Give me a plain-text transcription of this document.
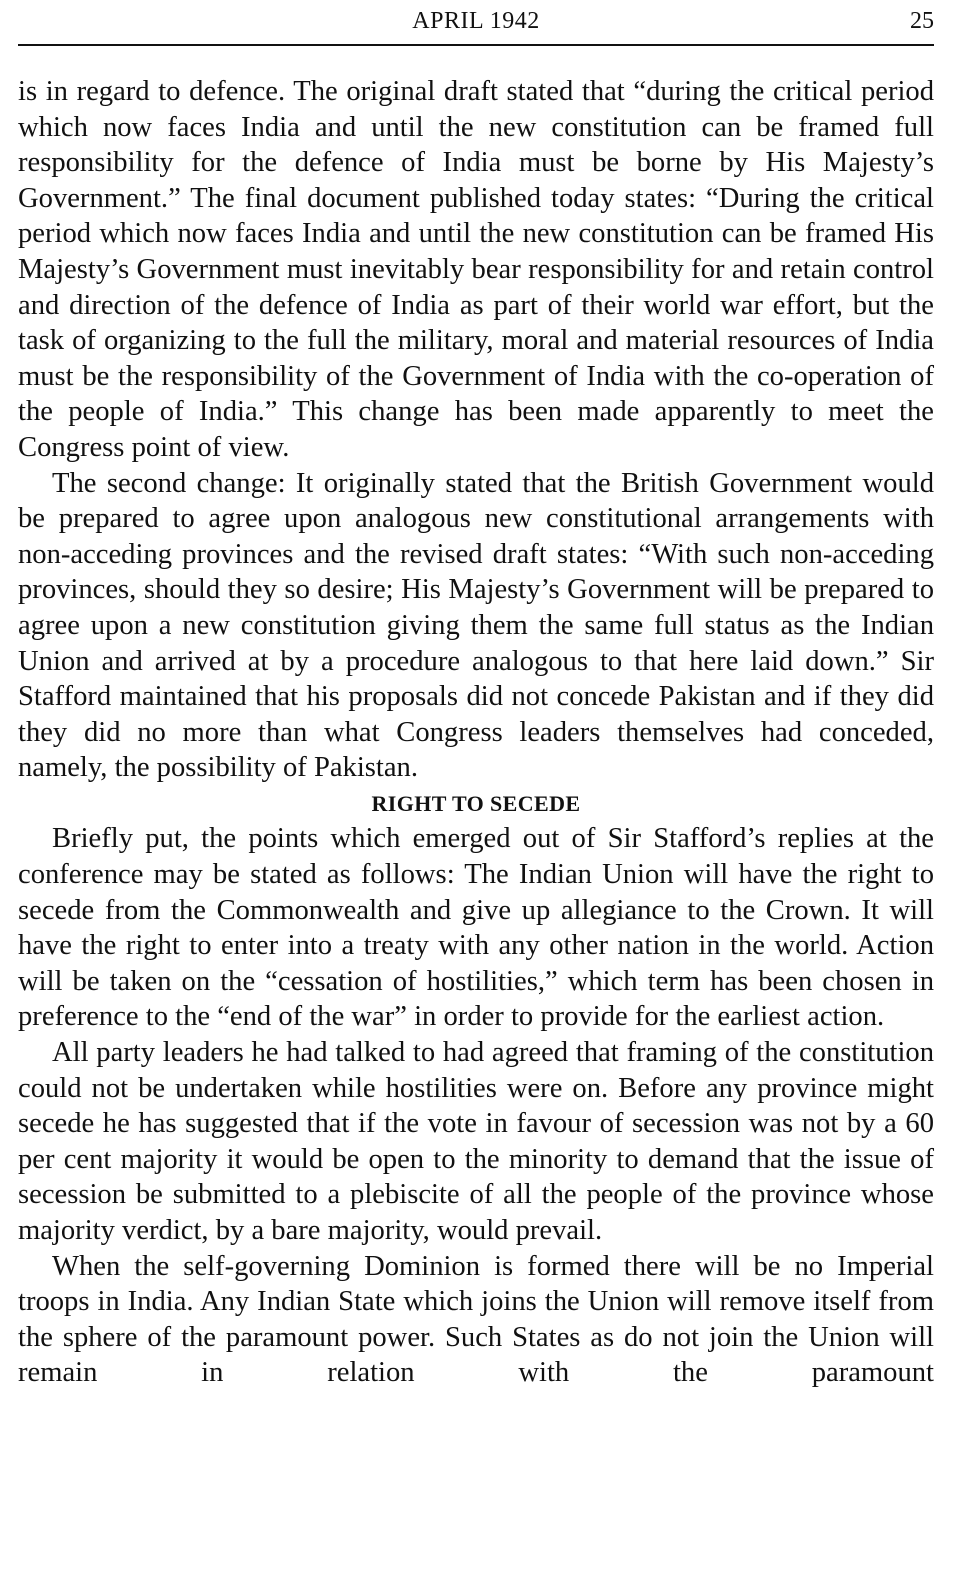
APRIL 1942	25

is in regard to defence. The original draft stated that “during the critical period which now faces India and until the new constitution can be framed full responsibility for the defence of India must be borne by His Majesty’s Government.” The final document published today states: “During the critical period which now faces India and until the new constitution can be framed His Majesty’s Government must inevitably bear responsibility for and retain control and direction of the defence of India as part of their world war effort, but the task of organizing to the full the military, moral and material resources of India must be the responsibility of the Government of India with the co-operation of the people of India.” This change has been made apparently to meet the Congress point of view.

The second change: It originally stated that the British Government would be prepared to agree upon analogous new constitutional arrangements with non-acceding provinces and the revised draft states: “With such non-acceding provinces, should they so desire; His Majesty’s Government will be prepared to agree upon a new constitution giving them the same full status as the Indian Union and arrived at by a procedure analogous to that here laid down.” Sir Stafford maintained that his proposals did not concede Pakistan and if they did they did no more than what Congress leaders themselves had conceded, namely, the possibility of Pakistan.

RIGHT TO SECEDE

Briefly put, the points which emerged out of Sir Stafford’s replies at the conference may be stated as follows: The Indian Union will have the right to secede from the Commonwealth and give up allegiance to the Crown. It will have the right to enter into a treaty with any other nation in the world. Action will be taken on the “cessation of hostilities,” which term has been chosen in preference to the “end of the war” in order to provide for the earliest action.

All party leaders he had talked to had agreed that framing of the constitution could not be undertaken while hostilities were on. Before any province might secede he has suggested that if the vote in favour of secession was not by a 60 per cent majority it would be open to the minority to demand that the issue of secession be submitted to a plebiscite of all the people of the province whose majority verdict, by a bare majority, would prevail.

When the self-governing Dominion is formed there will be no Imperial troops in India. Any Indian State which joins the Union will remove itself from the sphere of the paramount power. Such States as do not join the Union will remain in relation with the paramount
